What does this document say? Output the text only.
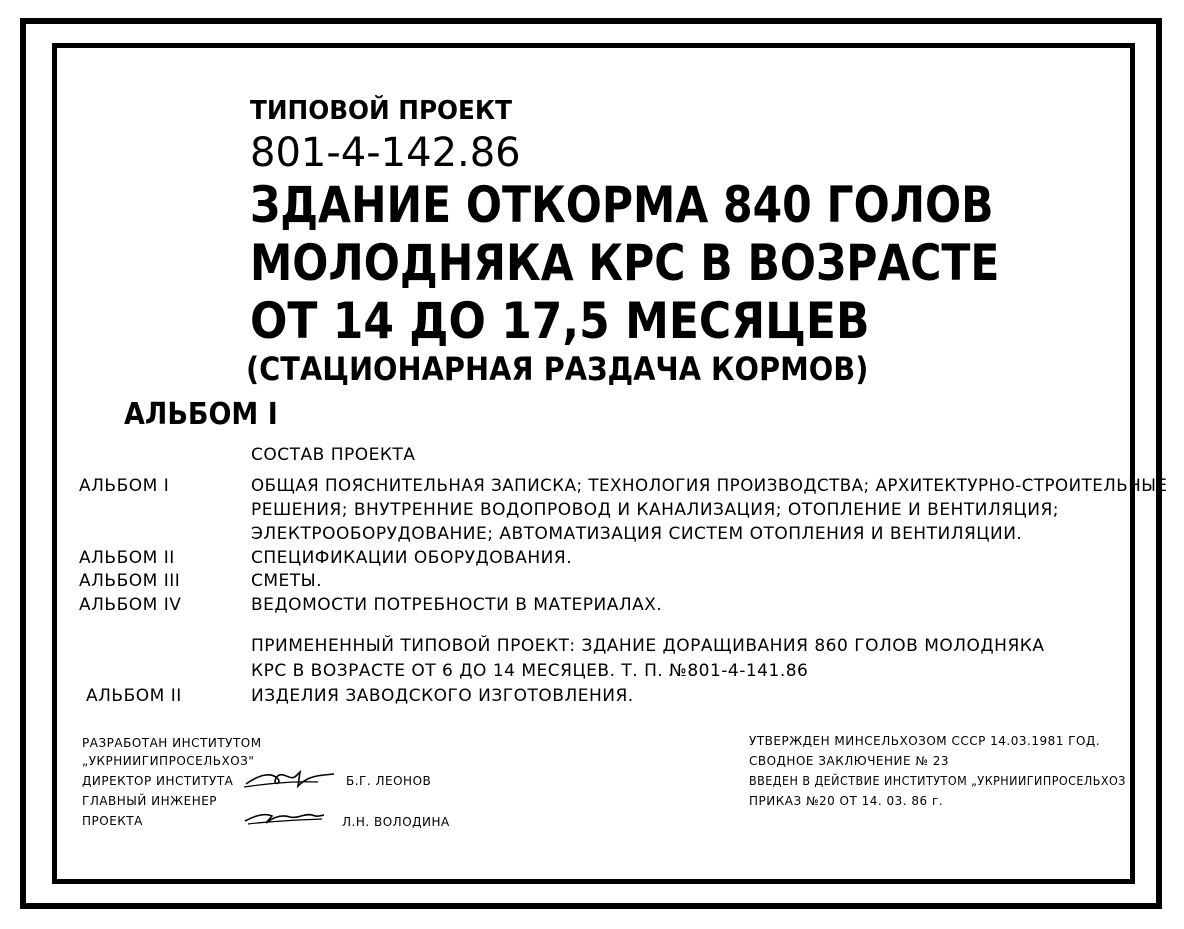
ТИПОВОЙ ПРОЕКТ
801-4-142.86
ЗДАНИЕ ОТКОРМА 840 ГОЛОВ
МОЛОДНЯКА КРС В ВОЗРАСТЕ
ОТ 14 ДО 17,5 МЕСЯЦЕВ
(СТАЦИОНАРНАЯ РАЗДАЧА КОРМОВ)
АЛЬБОМ I
СОСТАВ ПРОЕКТА
АЛЬБОМ I	ОБЩАЯ ПОЯСНИТЕЛЬНАЯ ЗАПИСКА; ТЕХНОЛОГИЯ ПРОИЗВОДСТВА; АРХИТЕКТУРНО-СТРОИТЕЛЬНЫЕ
РЕШЕНИЯ; ВНУТРЕННИЕ ВОДОПРОВОД И КАНАЛИЗАЦИЯ; ОТОПЛЕНИЕ И ВЕНТИЛЯЦИЯ;
ЭЛЕКТРООБОРУДОВАНИЕ; АВТОМАТИЗАЦИЯ СИСТЕМ ОТОПЛЕНИЯ И ВЕНТИЛЯЦИИ.
АЛЬБОМ II	СПЕЦИФИКАЦИИ ОБОРУДОВАНИЯ.
АЛЬБОМ III	СМЕТЫ.
АЛЬБОМ IV	ВЕДОМОСТИ ПОТРЕБНОСТИ В МАТЕРИАЛАХ.
ПРИМЕНЕННЫЙ ТИПОВОЙ ПРОЕКТ: ЗДАНИЕ ДОРАЩИВАНИЯ 860 ГОЛОВ МОЛОДНЯКА
КРС В ВОЗРАСТЕ ОТ 6 ДО 14 МЕСЯЦЕВ. Т. П. №801-4-141.86
АЛЬБОМ II	ИЗДЕЛИЯ ЗАВОДСКОГО ИЗГОТОВЛЕНИЯ.
РАЗРАБОТАН ИНСТИТУТОМ
„УКРНИИГИПРОСЕЛЬХОЗ"
ДИРЕКТОР ИНСТИТУТА	Б.Г. ЛЕОНОВ
ГЛАВНЫЙ ИНЖЕНЕР
ПРОЕКТА	Л.Н. ВОЛОДИНА
УТВЕРЖДЕН МИНСЕЛЬХОЗОМ СССР 14.03.1981 ГОД.
СВОДНОЕ ЗАКЛЮЧЕНИЕ № 23
ВВЕДЕН В ДЕЙСТВИЕ ИНСТИТУТОМ „УКРНИИГИПРОСЕЛЬХОЗ
ПРИКАЗ №20 ОТ 14. 03. 86 г.
